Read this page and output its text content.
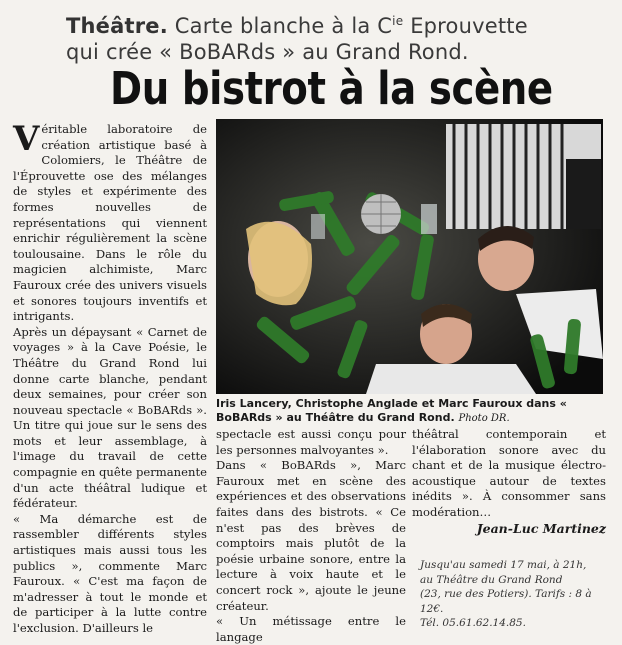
Théâtre. Carte blanche à la $C^{ie}$ Eprouvette
qui crée « BoBARds » au Grand Rond.
Du bistrot à la scène

Véritable laboratoire de création artistique basé à Colomiers, le Théâtre de l'Éprouvette ose des mélanges de styles et expérimente des formes nouvelles de représentations qui viennent enrichir régulièrement la scène toulousaine. Dans le rôle du magicien alchimiste, Marc Fauroux crée des univers visuels et sonores toujours inventifs et intrigants.

Après un dépaysant « Carnet de voyages » à la Cave Poésie, le Théâtre du Grand Rond lui donne carte blanche, pendant deux semaines, pour créer son nouveau spectacle « BoBARds ». Un titre qui joue sur le sens des mots et leur assemblage, à l'image du travail de cette compagnie en quête permanente d'un acte théâtral ludique et fédérateur.

« Ma démarche est de rassembler différents styles artistiques mais aussi tous les publics », commente Marc Fauroux. « C'est ma façon de m'adresser à tout le monde et de participer à la lutte contre l'exclusion. D'ailleurs le

Iris Lancery, Christophe Anglade et Marc Fauroux dans « BoBARds » au Théâtre du Grand Rond. Photo DR.

spectacle est aussi conçu pour les personnes malvoyantes ».

Dans « BoBARds », Marc Fauroux met en scène des expériences et des observations faites dans des bistrots. « Ce n'est pas des brèves de comptoirs mais plutôt de la poésie urbaine sonore, entre la lecture à voix haute et le concert rock », ajoute le jeune créateur.

« Un métissage entre le langage

théâtral contemporain et l'élaboration sonore avec du chant et de la musique électro-acoustique autour de textes inédits ». À consommer sans modération…

Jean-Luc Martinez

Jusqu'au samedi 17 mai, à 21h,

au Théâtre du Grand Rond

(23, rue des Potiers). Tarifs : 8 à 12€.

Tél. 05.61.62.14.85.
